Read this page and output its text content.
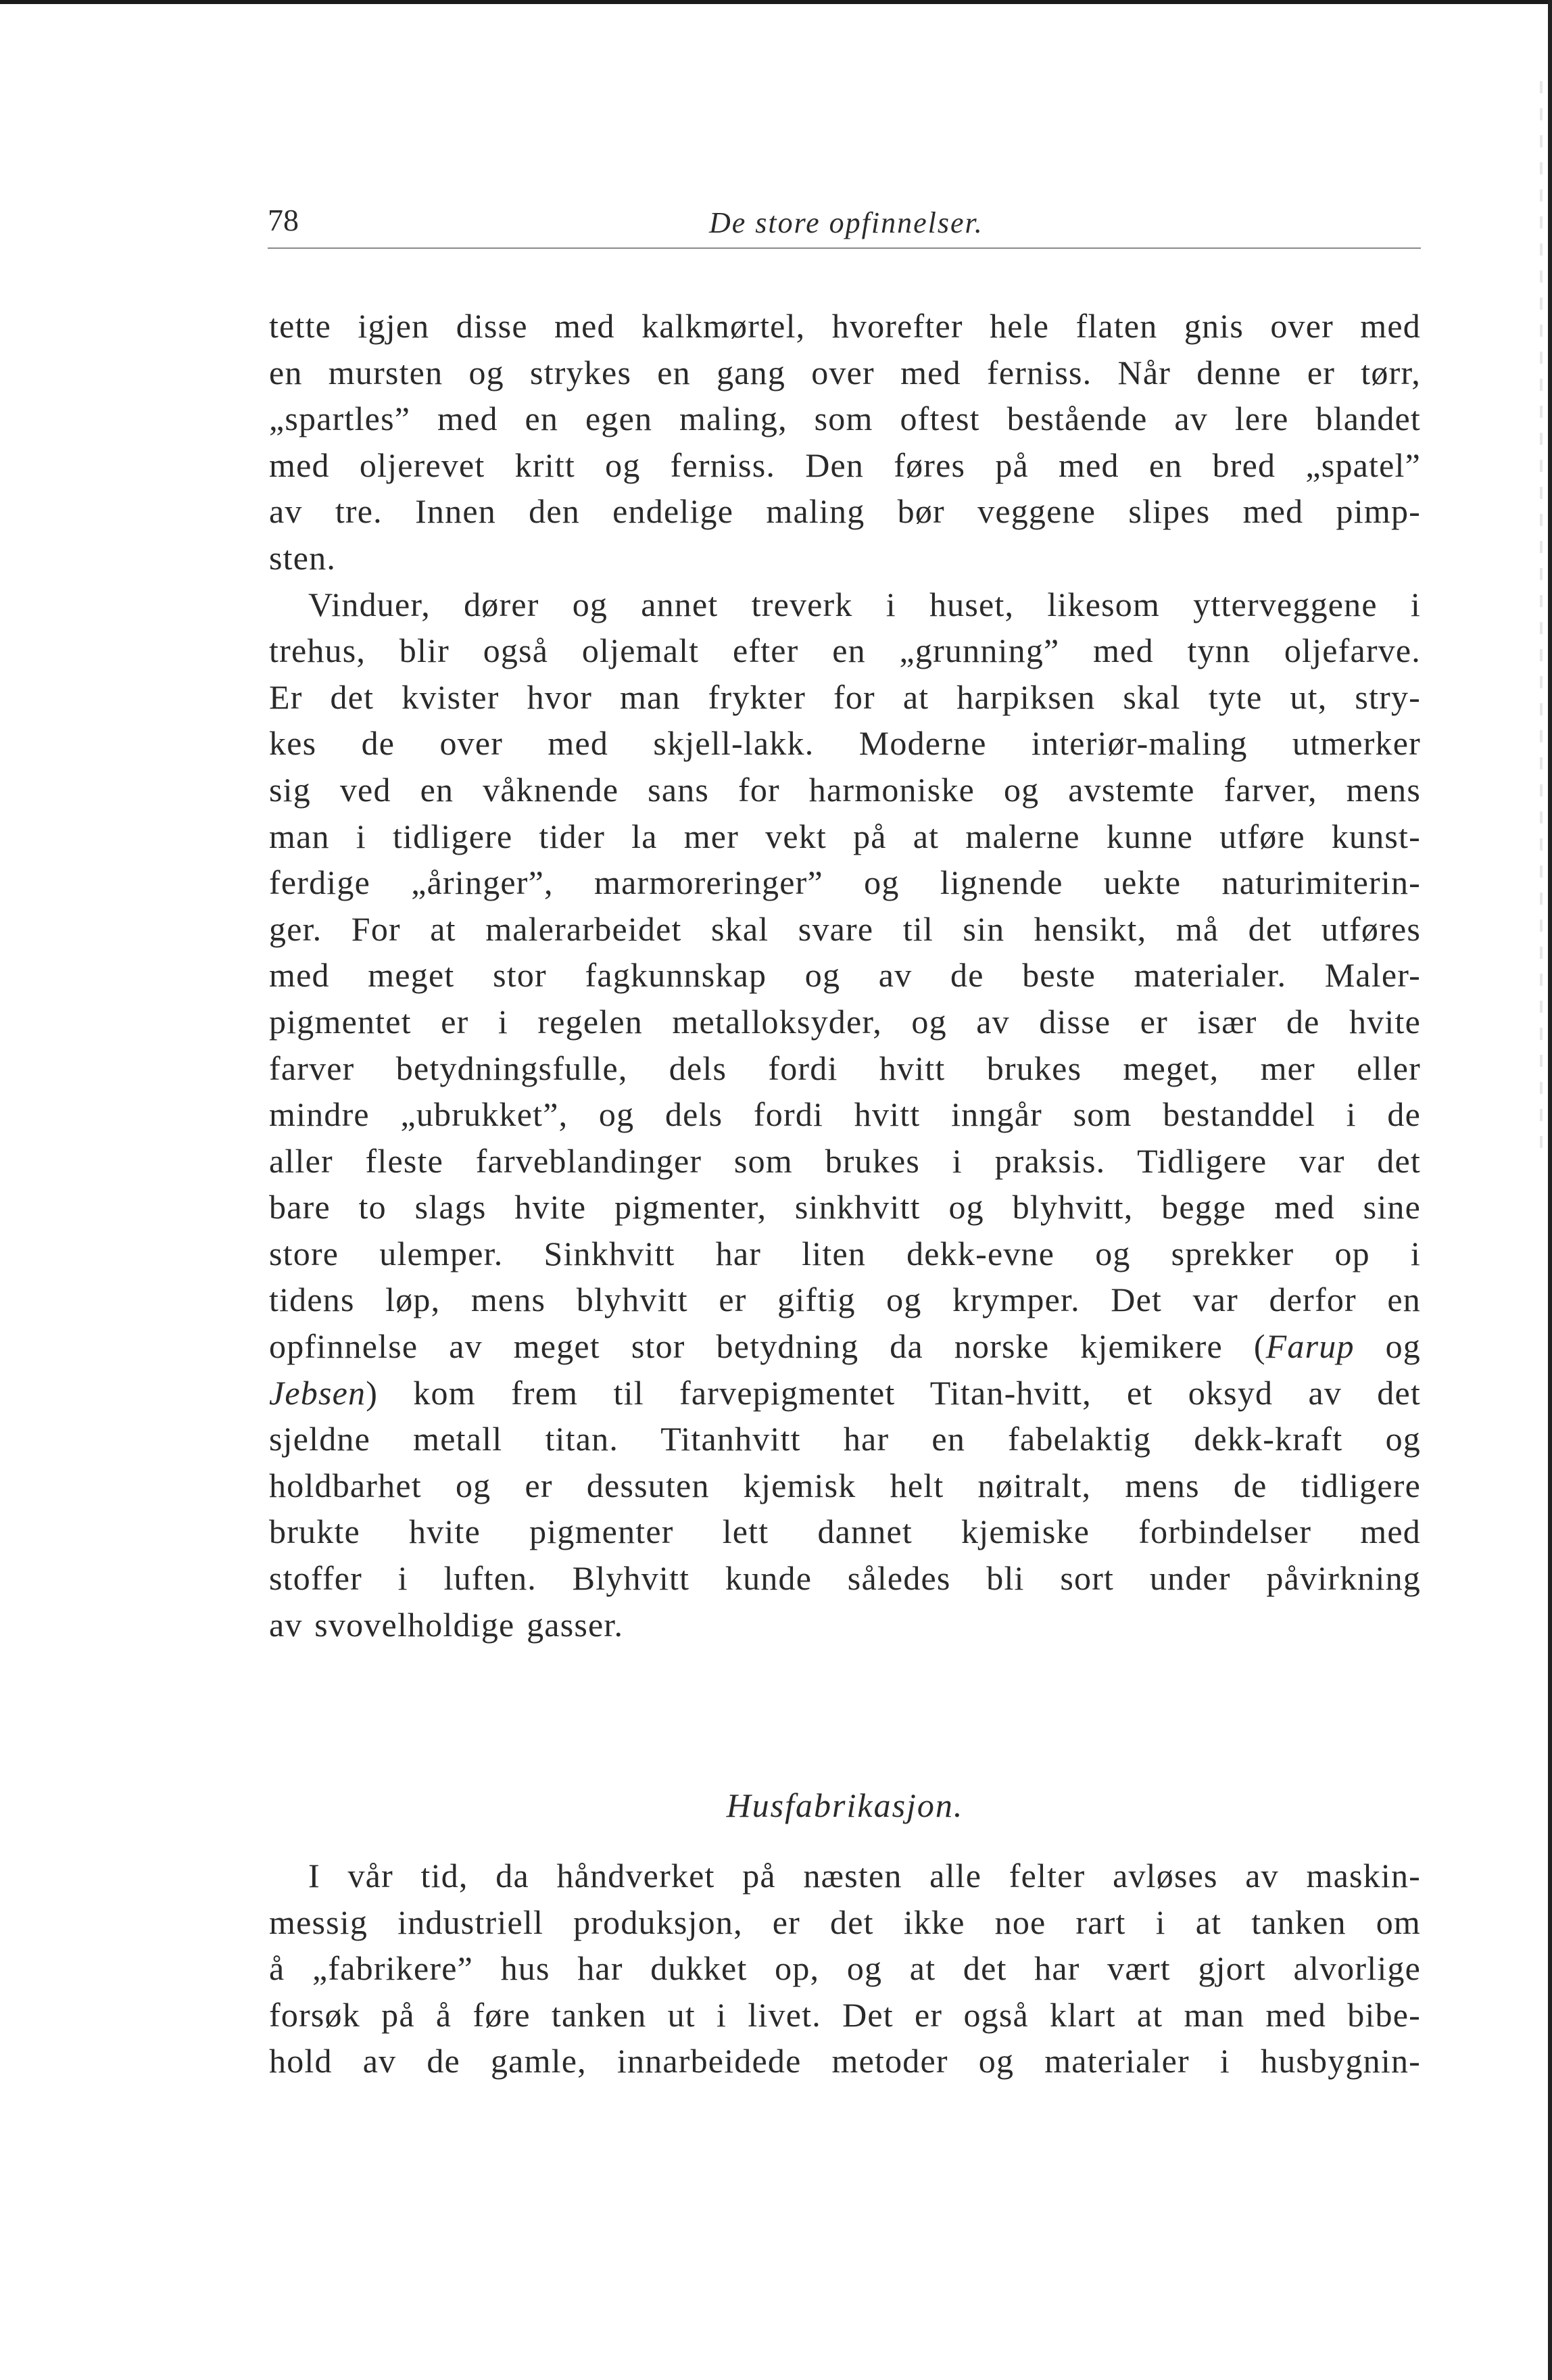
78	De store opfinnelser.
tette igjen disse med kalkmørtel, hvorefter hele flaten gnis over med
en mursten og strykes en gang over med ferniss. Når denne er tørr,
„spartles” med en egen maling, som oftest bestående av lere blandet
med oljerevet kritt og ferniss. Den føres på med en bred „spatel”
av tre. Innen den endelige maling bør veggene slipes med pimp-
sten.
Vinduer, dører og annet treverk i huset, likesom ytterveggene i
trehus, blir også oljemalt efter en „grunning” med tynn oljefarve.
Er det kvister hvor man frykter for at harpiksen skal tyte ut, stry-
kes de over med skjell-lakk. Moderne interiør-maling utmerker
sig ved en våknende sans for harmoniske og avstemte farver, mens
man i tidligere tider la mer vekt på at malerne kunne utføre kunst-
ferdige „åringer”, marmoreringer” og lignende uekte naturimiterin-
ger. For at malerarbeidet skal svare til sin hensikt, må det utføres
med meget stor fagkunnskap og av de beste materialer. Maler-
pigmentet er i regelen metalloksyder, og av disse er især de hvite
farver betydningsfulle, dels fordi hvitt brukes meget, mer eller
mindre „ubrukket”, og dels fordi hvitt inngår som bestanddel i de
aller fleste farveblandinger som brukes i praksis. Tidligere var det
bare to slags hvite pigmenter, sinkhvitt og blyhvitt, begge med sine
store ulemper. Sinkhvitt har liten dekk-evne og sprekker op i
tidens løp, mens blyhvitt er giftig og krymper. Det var derfor en
opfinnelse av meget stor betydning da norske kjemikere (Farup og
Jebsen) kom frem til farvepigmentet Titan-hvitt, et oksyd av det
sjeldne metall titan. Titanhvitt har en fabelaktig dekk-kraft og
holdbarhet og er dessuten kjemisk helt nøitralt, mens de tidligere
brukte hvite pigmenter lett dannet kjemiske forbindelser med
stoffer i luften. Blyhvitt kunde således bli sort under påvirkning
av svovelholdige gasser.
Husfabrikasjon.
I vår tid, da håndverket på næsten alle felter avløses av maskin-
messig industriell produksjon, er det ikke noe rart i at tanken om
å „fabrikere” hus har dukket op, og at det har vært gjort alvorlige
forsøk på å føre tanken ut i livet. Det er også klart at man med bibe-
hold av de gamle, innarbeidede metoder og materialer i husbygnin-
